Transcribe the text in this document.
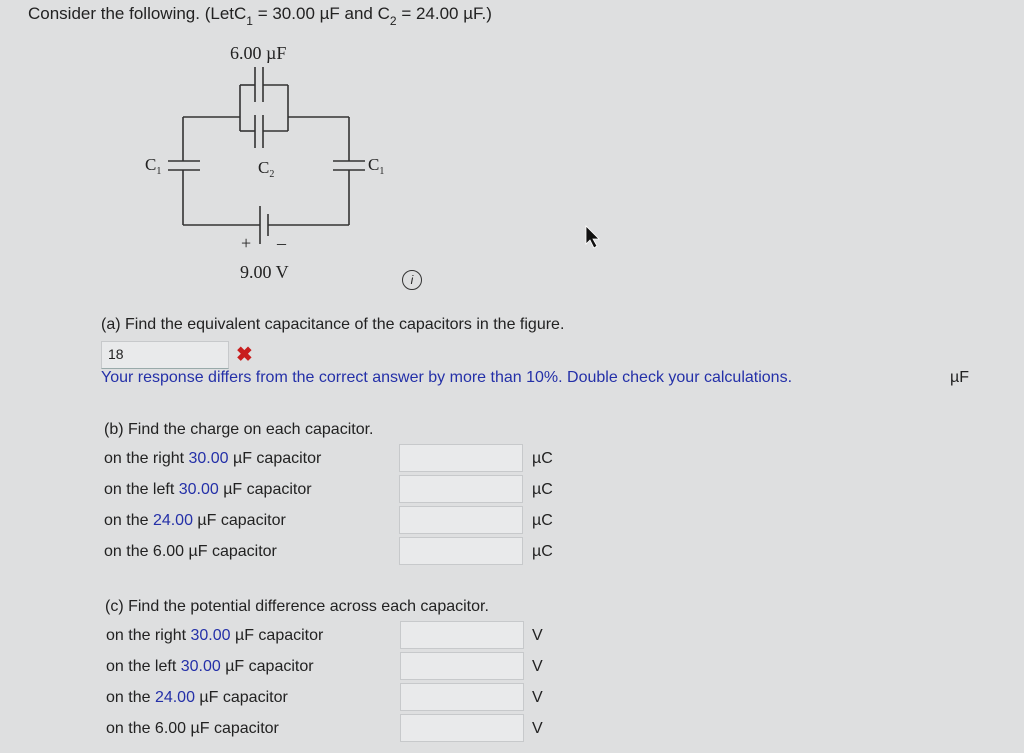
Consider the following. (LetC$_1$ = 30.00 µF and $C_2 = 24.00$ µF.)
6.00 µF
$C_1$	$C_2$
$C_1$
+ –
9.00 V	i
(a) Find the equivalent capacitance of the capacitors in the figure.
18	✖
Your response differs from the correct answer by more than 10%. Double check your calculations.	µF
(b) Find the charge on each capacitor.
on the right 30.00 µF capacitor	µC
on the left 30.00 µF capacitor	µC
on the 24.00 µF capacitor	µC
on the 6.00 µF capacitor	µC
(c) Find the potential difference across each capacitor.
on the right 30.00 µF capacitor	V
on the left 30.00 µF capacitor	V
on the 24.00 µF capacitor	V
on the 6.00 µF capacitor	V
